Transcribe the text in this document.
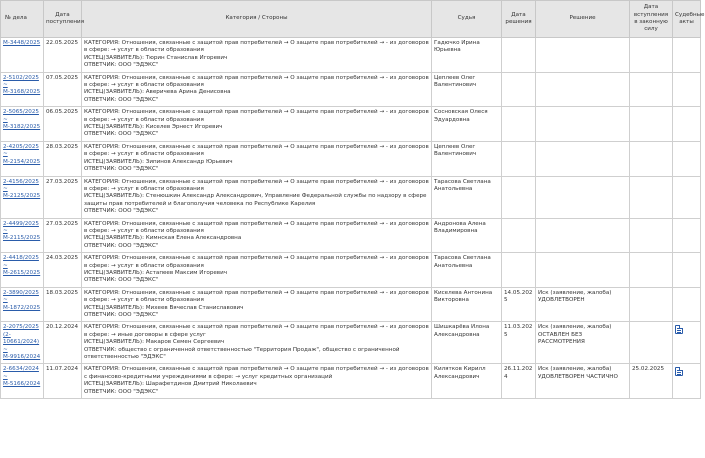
№ дела	Дата поступления	Категория / Стороны	Судья	Дата решения	Решение	Дата вступления в законную силу	Судебные акты
М-3448/2025	22.05.2025	КАТЕГОРИЯ: Отношения, связанные с защитой прав потребителей → О защите прав потребителей → - из договоров в сфере: → услуг в области образования
ИСТЕЦ(ЗАЯВИТЕЛЬ): Тюрин Станислав Игоревич
ОТВЕТЧИК: ООО "ЭДЭКС"	Гадючко Ирина Юрьевна				
2-5102/2025 ~ М-3168/2025	07.05.2025	КАТЕГОРИЯ: Отношения, связанные с защитой прав потребителей → О защите прав потребителей → - из договоров в сфере: → услуг в области образования
ИСТЕЦ(ЗАЯВИТЕЛЬ): Аверичева Арина Денисовна
ОТВЕТЧИК: ООО "ЭДЭКС"	Цеплеев Олег Валентинович				
2-5065/2025 ~ М-3182/2025	06.05.2025	КАТЕГОРИЯ: Отношения, связанные с защитой прав потребителей → О защите прав потребителей → - из договоров в сфере: → услуг в области образования
ИСТЕЦ(ЗАЯВИТЕЛЬ): Киселев Эрнест Игоревич
ОТВЕТЧИК: ООО "ЭДЭКС"	Сосновская Олеся Эдуардовна				
2-4205/2025 ~ М-2154/2025	28.03.2025	КАТЕГОРИЯ: Отношения, связанные с защитой прав потребителей → О защите прав потребителей → - из договоров в сфере: → услуг в области образования
ИСТЕЦ(ЗАЯВИТЕЛЬ): Зипинов Александр Юрьевич
ОТВЕТЧИК: ООО "ЭДЭКС"	Цеплеев Олег Валентинович				
2-4156/2025 ~ М-2125/2025	27.03.2025	КАТЕГОРИЯ: Отношения, связанные с защитой прав потребителей → О защите прав потребителей → - из договоров в сфере: → услуг в области образования
ИСТЕЦ(ЗАЯВИТЕЛЬ): Стенюшкин Александр Александрович, Управление Федеральной службы по надзору в сфере защиты прав потребителей и благополучия человека по Республике Карелия
ОТВЕТЧИК: ООО "ЭДЭКС"	Тарасова Светлана Анатольевна				
2-4499/2025 ~ М-2115/2025	27.03.2025	КАТЕГОРИЯ: Отношения, связанные с защитой прав потребителей → О защите прав потребителей → - из договоров в сфере: → услуг в области образования
ИСТЕЦ(ЗАЯВИТЕЛЬ): Кимнская Елена Александровна
ОТВЕТЧИК: ООО "ЭДЭКС"	Андронова Алена Владимировна				
2-4418/2025 ~ М-2615/2025	24.03.2025	КАТЕГОРИЯ: Отношения, связанные с защитой прав потребителей → О защите прав потребителей → - из договоров в сфере: → услуг в области образования
ИСТЕЦ(ЗАЯВИТЕЛЬ): Астапеев Максим Игоревич
ОТВЕТЧИК: ООО "ЭДЭКС"	Тарасова Светлана Анатольевна				
2-3890/2025 ~ М-1872/2025	18.03.2025	КАТЕГОРИЯ: Отношения, связанные с защитой прав потребителей → О защите прав потребителей → - из договоров в сфере: → услуг в области образования
ИСТЕЦ(ЗАЯВИТЕЛЬ): Михеев Вячеслав Станиславович
ОТВЕТЧИК: ООО "ЭДЭКС"	Киселева Антонина Викторовна	14.05.2025	Иск (заявление, жалоба) УДОВЛЕТВОРЕН		
2-2075/2025 (2-10661/2024) ~ М-9916/2024	20.12.2024	КАТЕГОРИЯ: Отношения, связанные с защитой прав потребителей → О защите прав потребителей → - из договоров в сфере: → иные договоры в сфере услуг
ИСТЕЦ(ЗАЯВИТЕЛЬ): Макаров Семен Сергеевич
ОТВЕТЧИК: общество с ограниченной ответственностью "Территория Продаж", общество с ограниченной ответственностью "ЭДЭКС"	Шишкарёва Илона Александровна	11.03.2025	Иск (заявление, жалоба) ОСТАВЛЕН БЕЗ РАССМОТРЕНИЯ		
2-6634/2024 ~ М-5166/2024	11.07.2024	КАТЕГОРИЯ: Отношения, связанные с защитой прав потребителей → О защите прав потребителей → - из договоров с финансово-кредитными учреждениями в сфере: → услуг кредитных организаций
ИСТЕЦ(ЗАЯВИТЕЛЬ): Шарафетдинов Дмитрий Николаевич
ОТВЕТЧИК: ООО "ЭДЭКС"	Килятков Кирилл Александрович	26.11.2024	Иск (заявление, жалоба) УДОВЛЕТВОРЕН ЧАСТИЧНО	25.02.2025	
